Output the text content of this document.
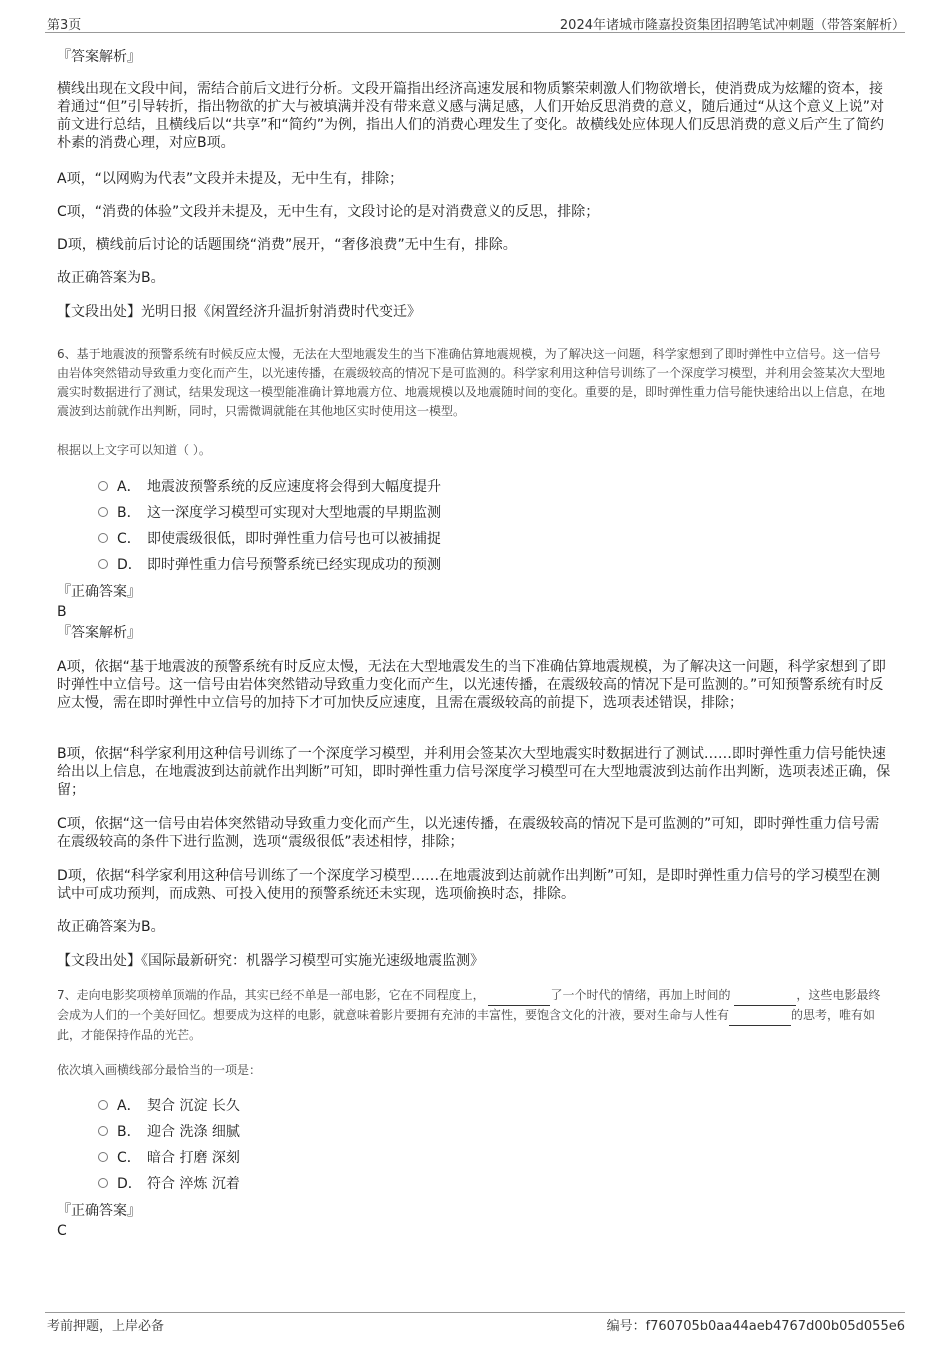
第3页	2024年诸城市隆嘉投资集团招聘笔试冲刺题（带答案解析）
『答案解析』
横线出现在文段中间，需结合前后文进行分析。文段开篇指出经济高速发展和物质繁荣刺激人们物欲增长，使消费成为炫耀的资本，接着通过“但”引导转折，指出物欲的扩大与被填满并没有带来意义感与满足感，人们开始反思消费的意义，随后通过“从这个意义上说”对前文进行总结，且横线后以“共享”和“简约”为例，指出人们的消费心理发生了变化。故横线处应体现人们反思消费的意义后产生了简约朴素的消费心理，对应B项。
A项，“以网购为代表”文段并未提及，无中生有，排除；
C项，“消费的体验”文段并未提及，无中生有，文段讨论的是对消费意义的反思，排除；
D项，横线前后讨论的话题围绕“消费”展开，“奢侈浪费”无中生有，排除。
故正确答案为B。
【文段出处】光明日报《闲置经济升温折射消费时代变迁》
6、基于地震波的预警系统有时候反应太慢，无法在大型地震发生的当下准确估算地震规模，为了解决这一问题，科学家想到了即时弹性中立信号。这一信号由岩体突然错动导致重力变化而产生，以光速传播，在震级较高的情况下是可监测的。科学家利用这种信号训练了一个深度学习模型，并利用会签某次大型地震实时数据进行了测试，结果发现这一模型能准确计算地震方位、地震规模以及地震随时间的变化。重要的是，即时弹性重力信号能快速给出以上信息，在地震波到达前就作出判断，同时，只需微调就能在其他地区实时使用这一模型。
根据以上文字可以知道（ ）。
A． 地震波预警系统的反应速度将会得到大幅度提升
B． 这一深度学习模型可实现对大型地震的早期监测
C． 即使震级很低，即时弹性重力信号也可以被捕捉
D． 即时弹性重力信号预警系统已经实现成功的预测
『正确答案』
B
『答案解析』
A项，依据“基于地震波的预警系统有时反应太慢，无法在大型地震发生的当下准确估算地震规模，为了解决这一问题，科学家想到了即时弹性中立信号。这一信号由岩体突然错动导致重力变化而产生，以光速传播，在震级较高的情况下是可监测的。”可知预警系统有时反应太慢，需在即时弹性中立信号的加持下才可加快反应速度，且需在震级较高的前提下，选项表述错误，排除；
B项，依据“科学家利用这种信号训练了一个深度学习模型，并利用会签某次大型地震实时数据进行了测试……即时弹性重力信号能快速给出以上信息，在地震波到达前就作出判断”可知，即时弹性重力信号深度学习模型可在大型地震波到达前作出判断，选项表述正确，保留；
C项，依据“这一信号由岩体突然错动导致重力变化而产生，以光速传播，在震级较高的情况下是可监测的”可知，即时弹性重力信号需在震级较高的条件下进行监测，选项“震级很低”表述相悖，排除；
D项，依据“科学家利用这种信号训练了一个深度学习模型……在地震波到达前就作出判断”可知，是即时弹性重力信号的学习模型在测试中可成功预判，而成熟、可投入使用的预警系统还未实现，选项偷换时态，排除。
故正确答案为B。
【文段出处】《国际最新研究：机器学习模型可实施光速级地震监测》
7、走向电影奖项榜单顶端的作品，其实已经不单是一部电影，它在不同程度上，	了一个时代的情绪，再加上时间的	，这些电影最终会成为人们的一个美好回忆。想要成为这样的电影，就意味着影片要拥有充沛的丰富性，要饱含文化的汁液，要对生命与人性有	的思考，唯有如此，才能保持作品的光芒。
依次填入画横线部分最恰当的一项是：
A． 契合 沉淀 长久
B． 迎合 洗涤 细腻
C． 暗合 打磨 深刻
D． 符合 淬炼 沉着
『正确答案』
C
考前押题，上岸必备	编号：f760705b0aa44aeb4767d00b05d055e6
